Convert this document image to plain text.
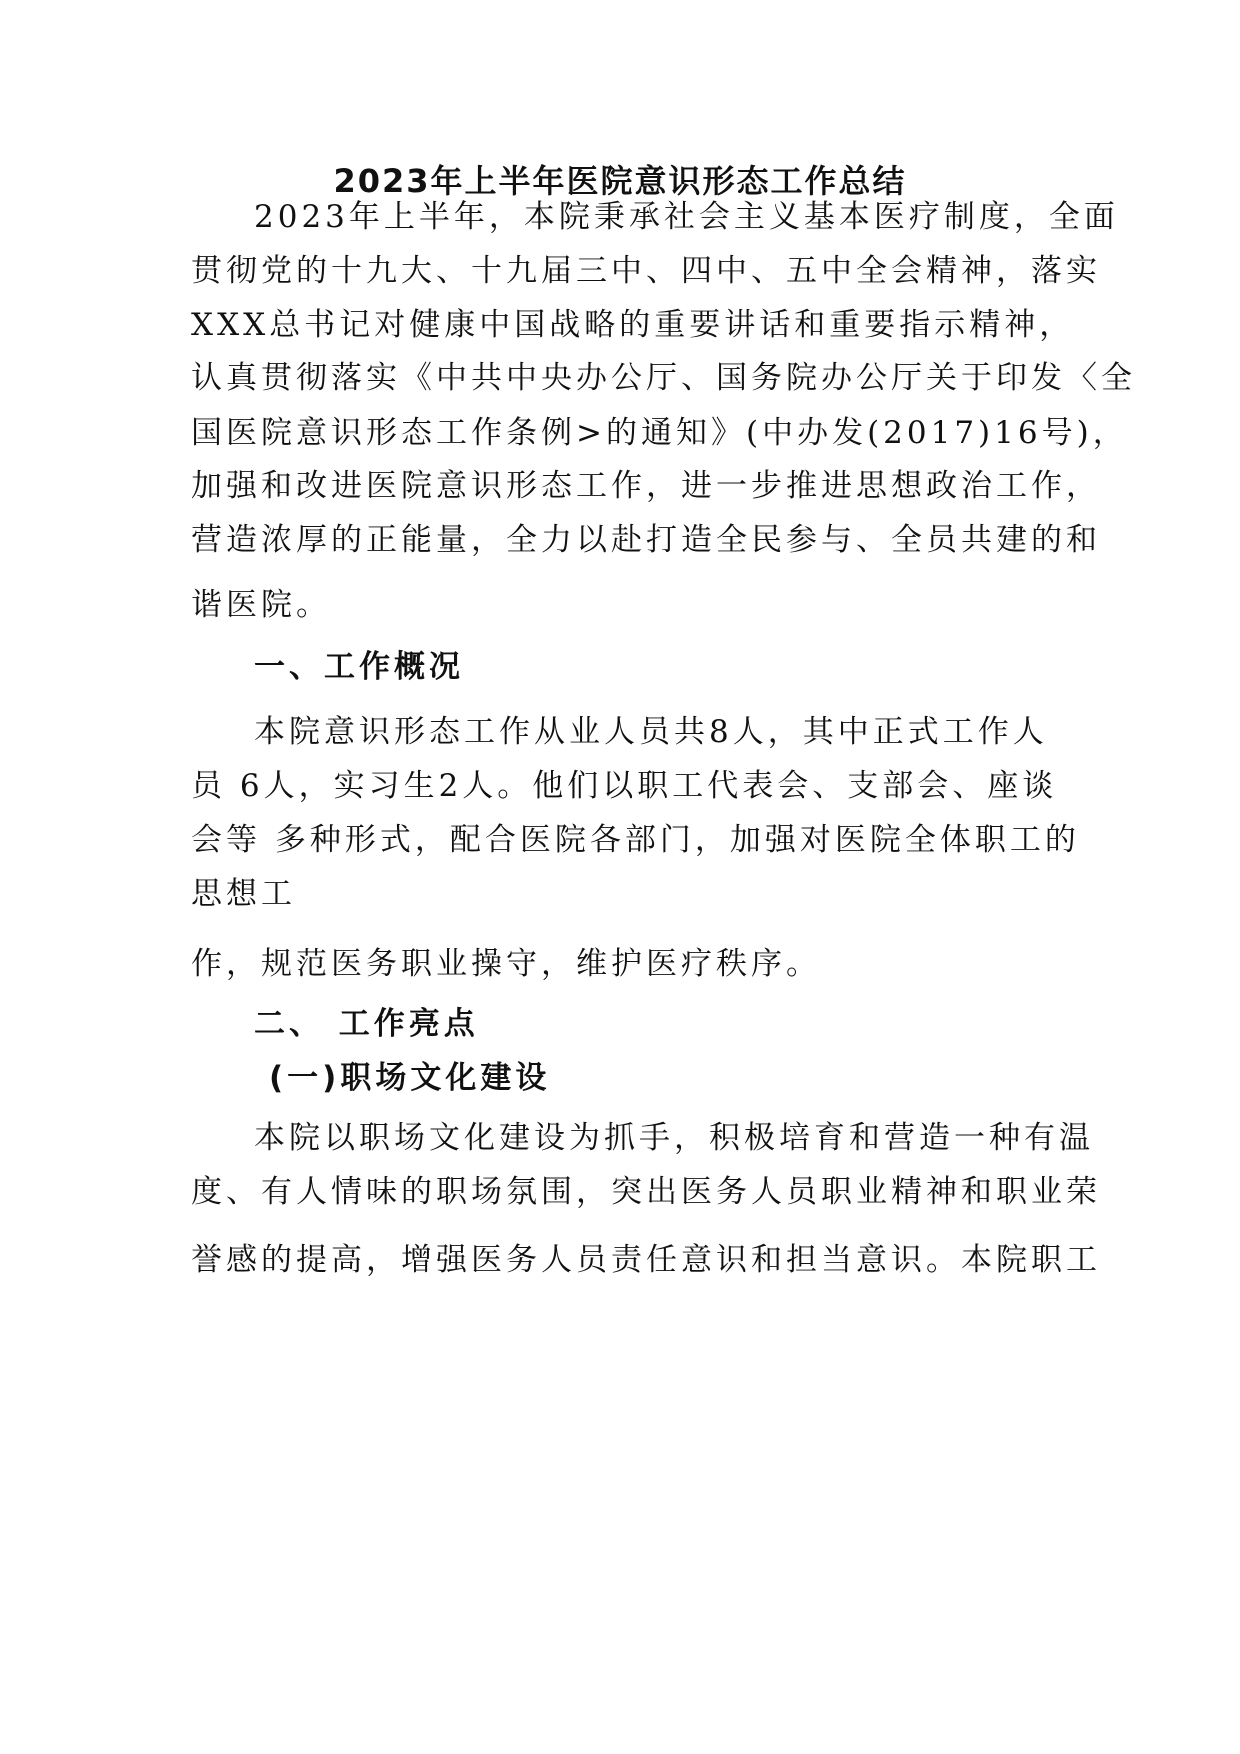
2023年上半年医院意识形态工作总结
2023年上半年，本院秉承社会主义基本医疗制度，全面
贯彻党的十九大、十九届三中、四中、五中全会精神，落实
XXX总书记对健康中国战略的重要讲话和重要指示精神，
认真贯彻落实《中共中央办公厅、国务院办公厅关于印发〈全
国医院意识形态工作条例>的通知》(中办发(2017)16号)，
加强和改进医院意识形态工作，进一步推进思想政治工作，
营造浓厚的正能量，全力以赴打造全民参与、全员共建的和
谐医院。
一、工作概况
本院意识形态工作从业人员共8人，其中正式工作人
员 6人，实习生2人。他们以职工代表会、支部会、座谈
会等 多种形式，配合医院各部门，加强对医院全体职工的
思想工
作，规范医务职业操守，维护医疗秩序。
二、 工作亮点
(一)职场文化建设
本院以职场文化建设为抓手，积极培育和营造一种有温
度、有人情味的职场氛围，突出医务人员职业精神和职业荣
誉感的提高，增强医务人员责任意识和担当意识。本院职工
